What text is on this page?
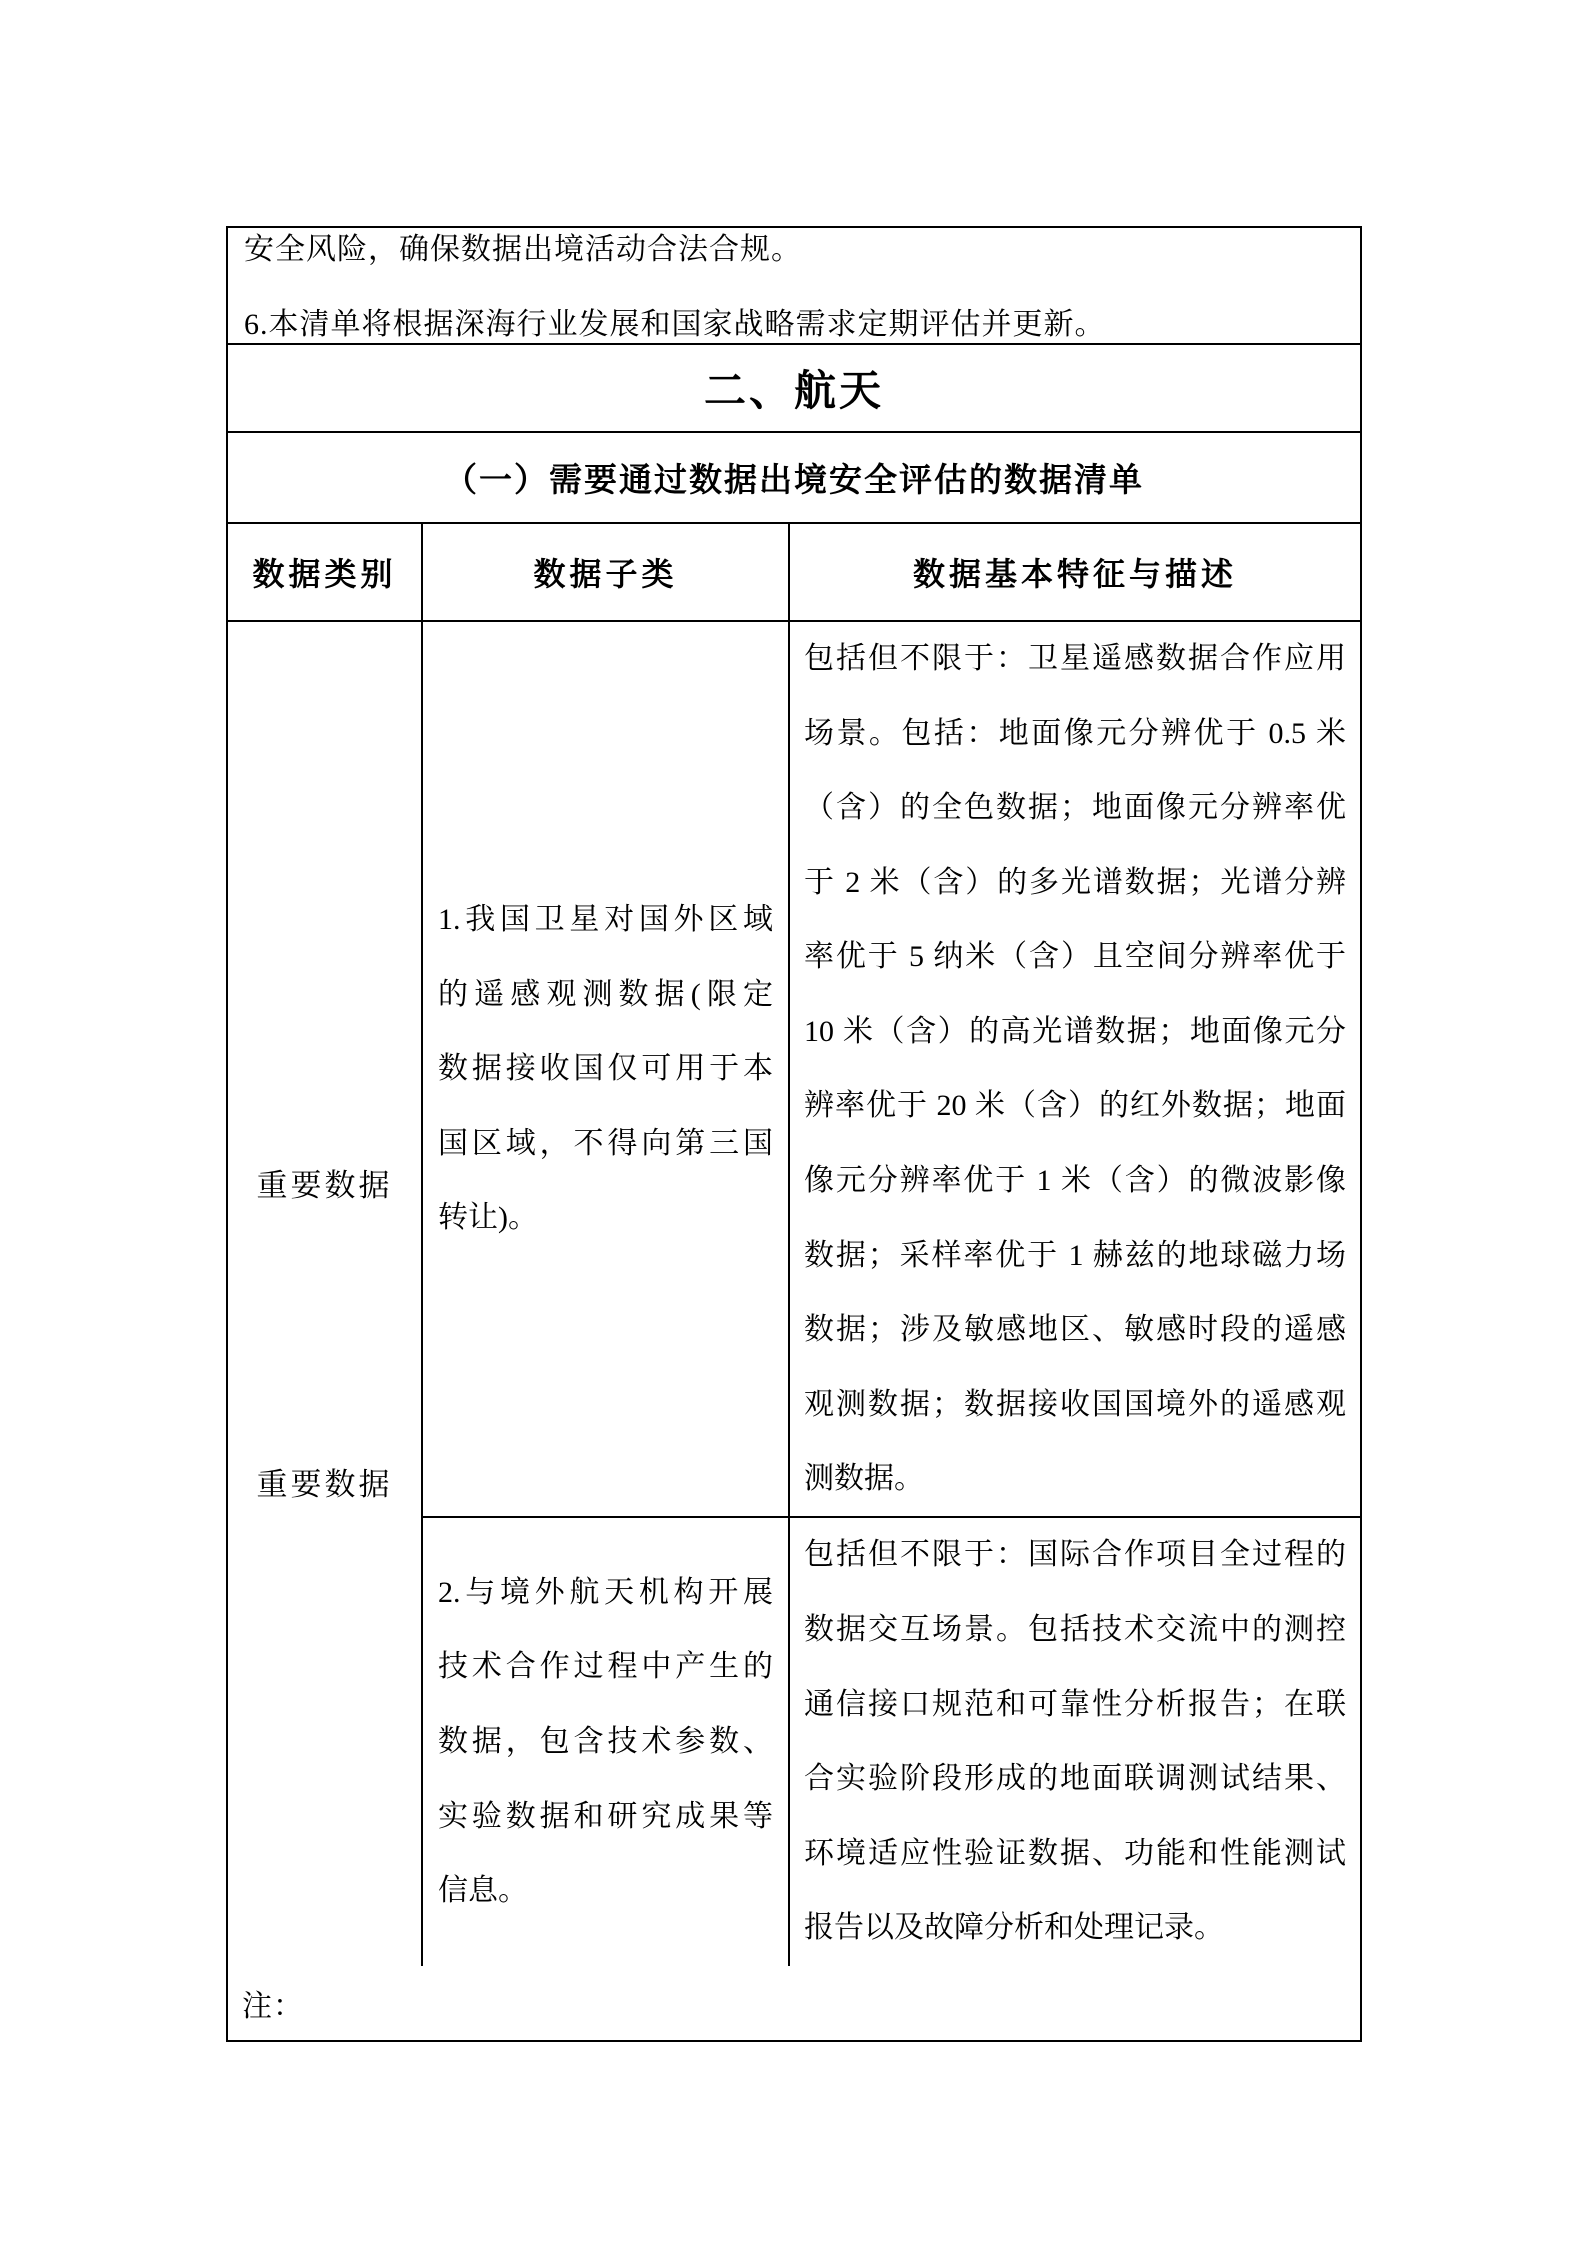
安全风险，确保数据出境活动合法合规。
6.本清单将根据深海行业发展和国家战略需求定期评估并更新。
二、航天
（一）需要通过数据出境安全评估的数据清单
数据类别	数据子类	数据基本特征与描述
重要数据
重要数据
1.我国卫星对国外区域
的遥感观测数据(限定
数据接收国仅可用于本
国区域，不得向第三国
转让)。
包括但不限于：卫星遥感数据合作应用
场景。包括：地面像元分辨优于 0.5 米
（含）的全色数据；地面像元分辨率优
于 2 米（含）的多光谱数据；光谱分辨
率优于 5 纳米（含）且空间分辨率优于
10 米（含）的高光谱数据；地面像元分
辨率优于 20 米（含）的红外数据；地面
像元分辨率优于 1 米（含）的微波影像
数据；采样率优于 1 赫兹的地球磁力场
数据；涉及敏感地区、敏感时段的遥感
观测数据；数据接收国国境外的遥感观
测数据。
2.与境外航天机构开展
技术合作过程中产生的
数据，包含技术参数、
实验数据和研究成果等
信息。
包括但不限于：国际合作项目全过程的
数据交互场景。包括技术交流中的测控
通信接口规范和可靠性分析报告；在联
合实验阶段形成的地面联调测试结果、
环境适应性验证数据、功能和性能测试
报告以及故障分析和处理记录。
注：
